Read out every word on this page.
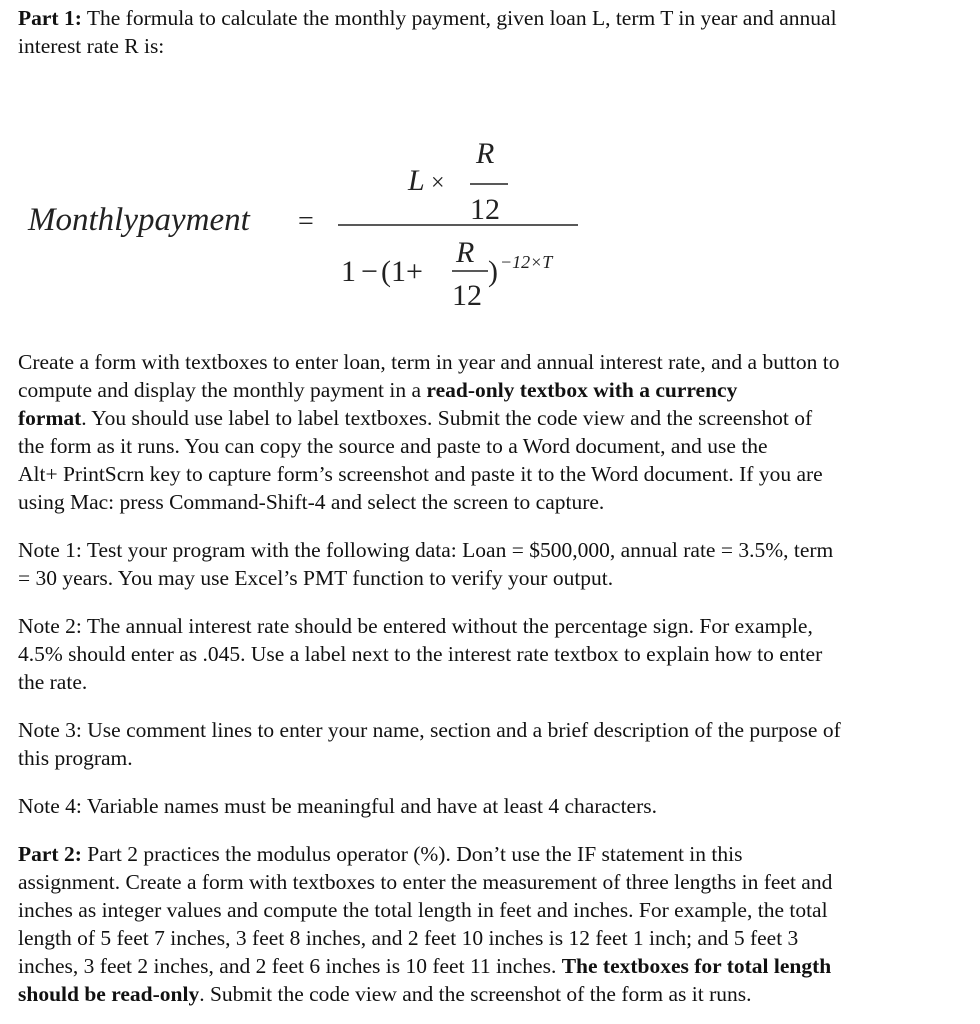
Part 1: The formula to calculate the monthly payment, given loan L, term T in year and annual
interest rate R is:

Monthlypayment =
L ×
R
12
1 − (1+
R
12
) −12×T

Create a form with textboxes to enter loan, term in year and annual interest rate, and a button to
compute and display the monthly payment in a read-only textbox with a currency
format. You should use label to label textboxes. Submit the code view and the screenshot of
the form as it runs. You can copy the source and paste to a Word document, and use the
Alt+ PrintScrn key to capture form’s screenshot and paste it to the Word document. If you are
using Mac: press Command-Shift-4 and select the screen to capture.

Note 1: Test your program with the following data: Loan = $500,000, annual rate = 3.5%, term
= 30 years. You may use Excel’s PMT function to verify your output.

Note 2: The annual interest rate should be entered without the percentage sign. For example,
4.5% should enter as .045. Use a label next to the interest rate textbox to explain how to enter
the rate.

Note 3: Use comment lines to enter your name, section and a brief description of the purpose of
this program.

Note 4: Variable names must be meaningful and have at least 4 characters.

Part 2: Part 2 practices the modulus operator (%). Don’t use the IF statement in this
assignment. Create a form with textboxes to enter the measurement of three lengths in feet and
inches as integer values and compute the total length in feet and inches. For example, the total
length of 5 feet 7 inches, 3 feet 8 inches, and 2 feet 10 inches is 12 feet 1 inch; and 5 feet 3
inches, 3 feet 2 inches, and 2 feet 6 inches is 10 feet 11 inches. The textboxes for total length
should be read-only. Submit the code view and the screenshot of the form as it runs.
